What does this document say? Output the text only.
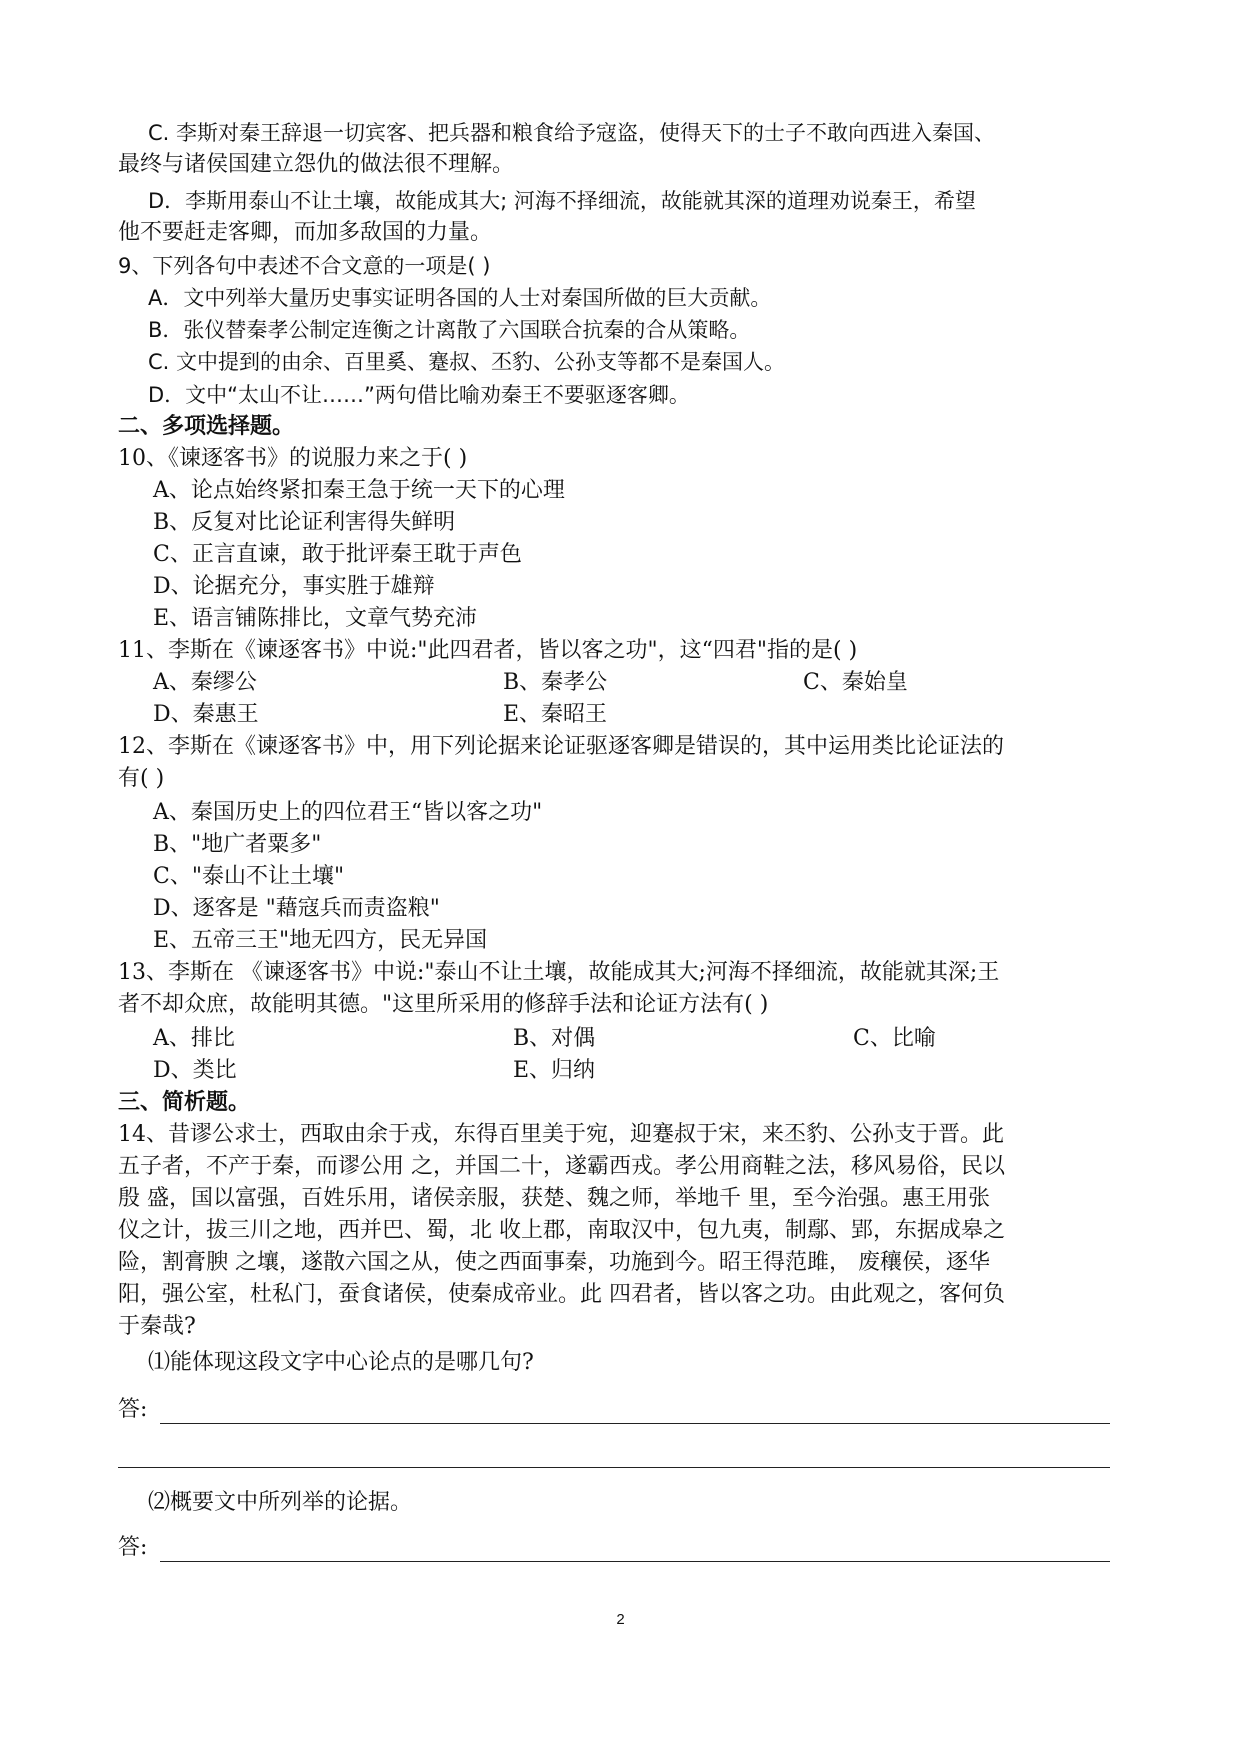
C. 李斯对秦王辞退一切宾客、把兵器和粮食给予寇盗，使得天下的士子不敢向西进入秦国、
最终与诸侯国建立怨仇的做法很不理解。
D．李斯用泰山不让土壤，故能成其大; 河海不择细流，故能就其深的道理劝说秦王，希望
他不要赶走客卿，而加多敌国的力量。
9、下列各句中表述不合文意的一项是( )
A．文中列举大量历史事实证明各国的人士对秦国所做的巨大贡献。
B．张仪替秦孝公制定连衡之计离散了六国联合抗秦的合从策略。
C. 文中提到的由余、百里奚、蹇叔、丕豹、公孙支等都不是秦国人。
D．文中“太山不让……”两句借比喻劝秦王不要驱逐客卿。
二、多项选择题。
10、《谏逐客书》的说服力来之于( )
A、论点始终紧扣秦王急于统一天下的心理
B、反复对比论证利害得失鲜明
C、正言直谏，敢于批评秦王耽于声色
D、论据充分，事实胜于雄辩
E、语言铺陈排比，文章气势充沛
11、李斯在《谏逐客书》中说:"此四君者，皆以客之功"，这“四君"指的是( )
A、秦缪公	B、秦孝公	C、秦始皇
D、秦惠王	E、秦昭王
12、李斯在《谏逐客书》中，用下列论据来论证驱逐客卿是错误的，其中运用类比论证法的
有( )
A、秦国历史上的四位君王“皆以客之功"
B、"地广者粟多"
C、"泰山不让土壤"
D、逐客是 "藉寇兵而责盗粮"
E、五帝三王"地无四方，民无异国
13、李斯在 《谏逐客书》中说:"泰山不让土壤，故能成其大;河海不择细流，故能就其深;王
者不却众庶，故能明其德。"这里所采用的修辞手法和论证方法有( )
A、排比	B、对偶	C、比喻
D、类比	E、归纳
三、简析题。
14、昔谬公求士，西取由余于戎，东得百里美于宛，迎蹇叔于宋，来丕豹、公孙支于晋。此
五子者，不产于秦，而谬公用 之，并国二十，遂霸西戎。孝公用商鞋之法，移风易俗，民以
殷 盛，国以富强，百姓乐用，诸侯亲服，获楚、魏之师，举地千 里，至今治强。惠王用张
仪之计，拔三川之地，西并巴、蜀，北 收上郡，南取汉中，包九夷，制鄢、郢，东据成皋之
险，割膏腴 之壤，遂散六国之从，使之西面事秦，功施到今。昭王得范雎， 废穰侯，逐华
阳，强公室，杜私门，蚕食诸侯，使秦成帝业。此 四君者，皆以客之功。由此观之，客何负
于秦哉?
⑴能体现这段文字中心论点的是哪几句?
答:
⑵概要文中所列举的论据。
答:
2
